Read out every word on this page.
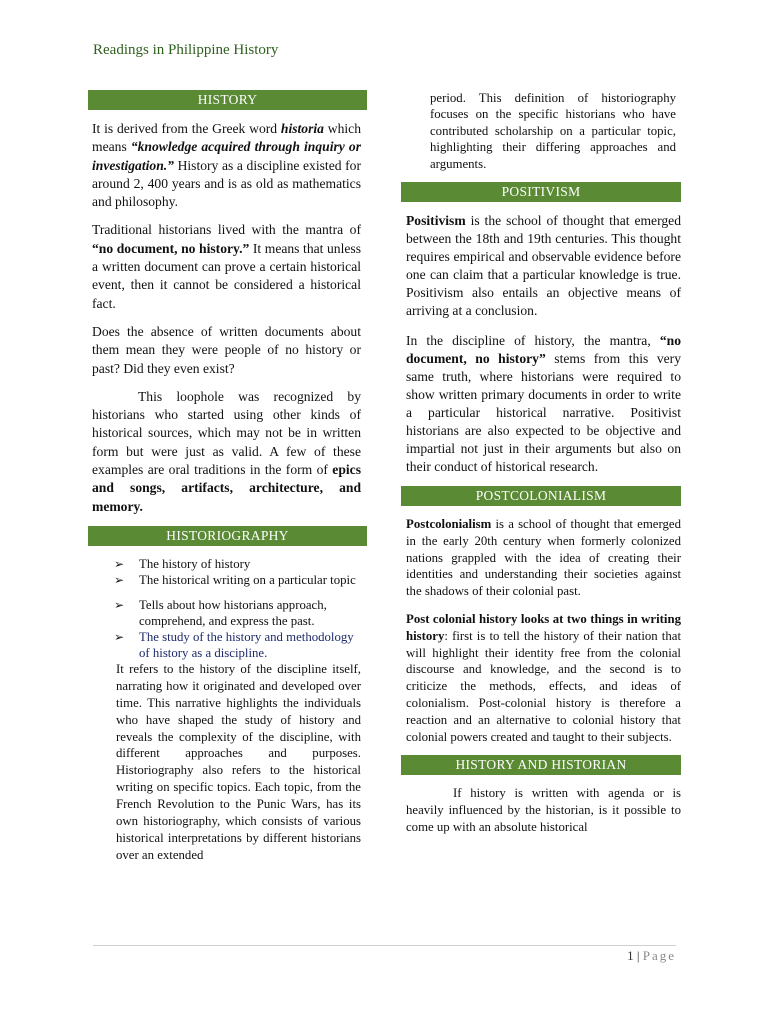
Readings in Philippine History
HISTORY

It is derived from the Greek word historia which means “knowledge acquired through inquiry or investigation.” History as a discipline existed for around 2, 400 years and is as old as mathematics and philosophy.

Traditional historians lived with the mantra of “no document, no history.” It means that unless a written document can prove a certain historical event, then it cannot be considered a historical fact.

Does the absence of written documents about them mean they were people of no history or past? Did they even exist?

This loophole was recognized by historians who started using other kinds of historical sources, which may not be in written form but were just as valid. A few of these examples are oral traditions in the form of epics and songs, artifacts, architecture, and memory.

HISTORIOGRAPHY
➢ The history of history
➢ The historical writing on a particular topic
➢ Tells about how historians approach, comprehend, and express the past.
➢ The study of the history and methodology of history as a discipline.

It refers to the history of the discipline itself, narrating how it originated and developed over time. This narrative highlights the individuals who have shaped the study of history and reveals the complexity of the discipline, with different approaches and purposes. Historiography also refers to the historical writing on specific topics. Each topic, from the French Revolution to the Punic Wars, has its own historiography, which consists of various historical interpretations by different historians over an extended

period. This definition of historiography focuses on the specific historians who have contributed scholarship on a particular topic, highlighting their differing approaches and arguments.

POSITIVISM

Positivism is the school of thought that emerged between the 18th and 19th centuries. This thought requires empirical and observable evidence before one can claim that a particular knowledge is true. Positivism also entails an objective means of arriving at a conclusion.

In the discipline of history, the mantra, “no document, no history” stems from this very same truth, where historians were required to show written primary documents in order to write a particular historical narrative. Positivist historians are also expected to be objective and impartial not just in their arguments but also on their conduct of historical research.

POSTCOLONIALISM

Postcolonialism is a school of thought that emerged in the early 20th century when formerly colonized nations grappled with the idea of creating their identities and understanding their societies against the shadows of their colonial past.

Post colonial history looks at two things in writing history: first is to tell the history of their nation that will highlight their identity free from the colonial discourse and knowledge, and the second is to criticize the methods, effects, and ideas of colonialism. Post-colonial history is therefore a reaction and an alternative to colonial history that colonial powers created and taught to their subjects.

HISTORY AND HISTORIAN

If history is written with agenda or is heavily influenced by the historian, is it possible to come up with an absolute historical

1 | Page
